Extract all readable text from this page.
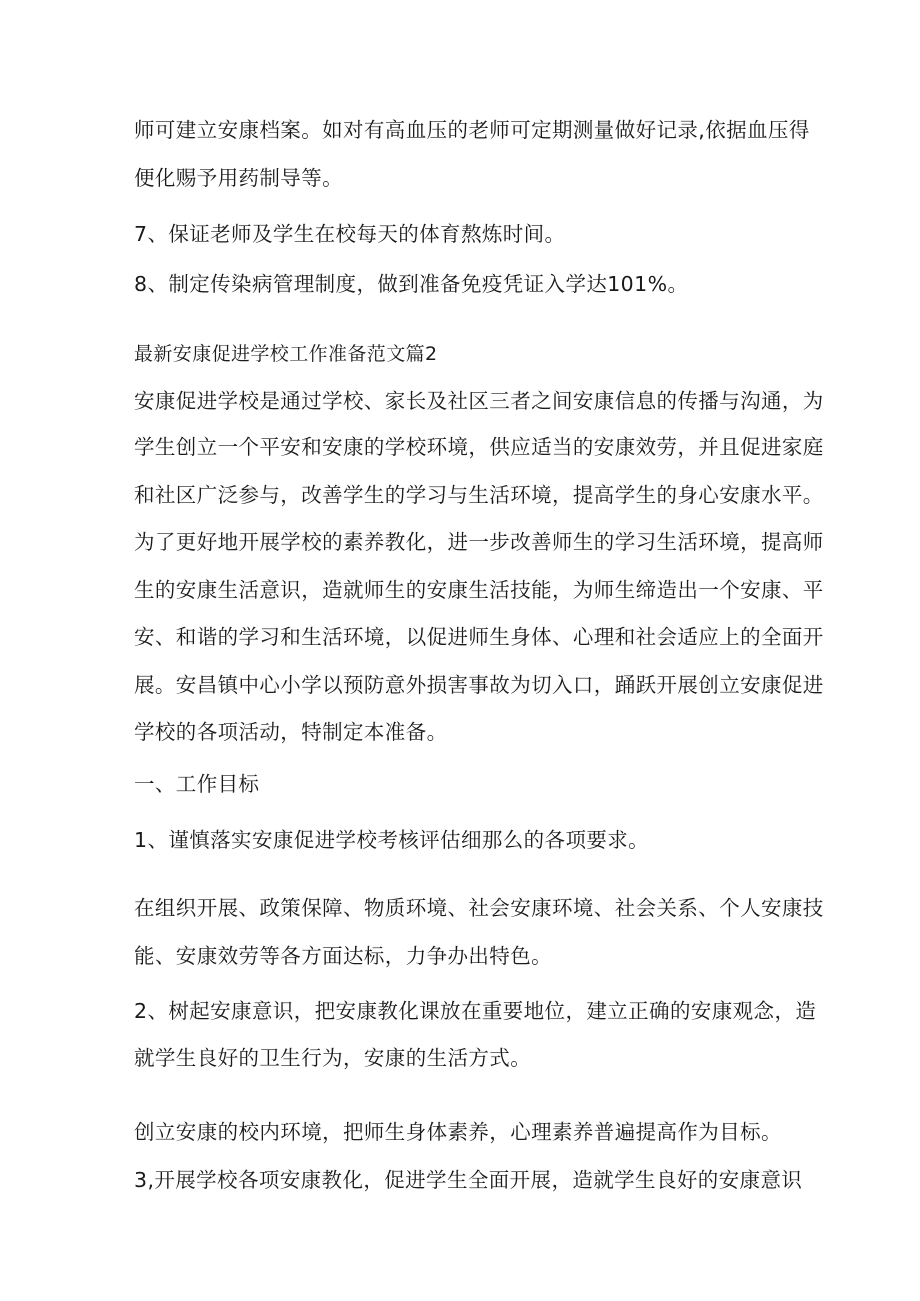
师可建立安康档案。如对有高血压的老师可定期测量做好记录,依据血压得
便化赐予用药制导等。
7、保证老师及学生在校每天的体育熬炼时间。
8、制定传染病管理制度，做到准备免疫凭证入学达101%。
最新安康促进学校工作准备范文篇2
安康促进学校是通过学校、家长及社区三者之间安康信息的传播与沟通，为
学生创立一个平安和安康的学校环境，供应适当的安康效劳，并且促进家庭
和社区广泛参与，改善学生的学习与生活环境，提高学生的身心安康水平。
为了更好地开展学校的素养教化，进一步改善师生的学习生活环境，提高师
生的安康生活意识，造就师生的安康生活技能，为师生缔造出一个安康、平
安、和谐的学习和生活环境，以促进师生身体、心理和社会适应上的全面开
展。安昌镇中心小学以预防意外损害事故为切入口，踊跃开展创立安康促进
学校的各项活动，特制定本准备。
一、工作目标
1、谨慎落实安康促进学校考核评估细那么的各项要求。
在组织开展、政策保障、物质环境、社会安康环境、社会关系、个人安康技
能、安康效劳等各方面达标，力争办出特色。
2、树起安康意识，把安康教化课放在重要地位，建立正确的安康观念，造
就学生良好的卫生行为，安康的生活方式。
创立安康的校内环境，把师生身体素养，心理素养普遍提高作为目标。
3,开展学校各项安康教化，促进学生全面开展，造就学生良好的安康意识
